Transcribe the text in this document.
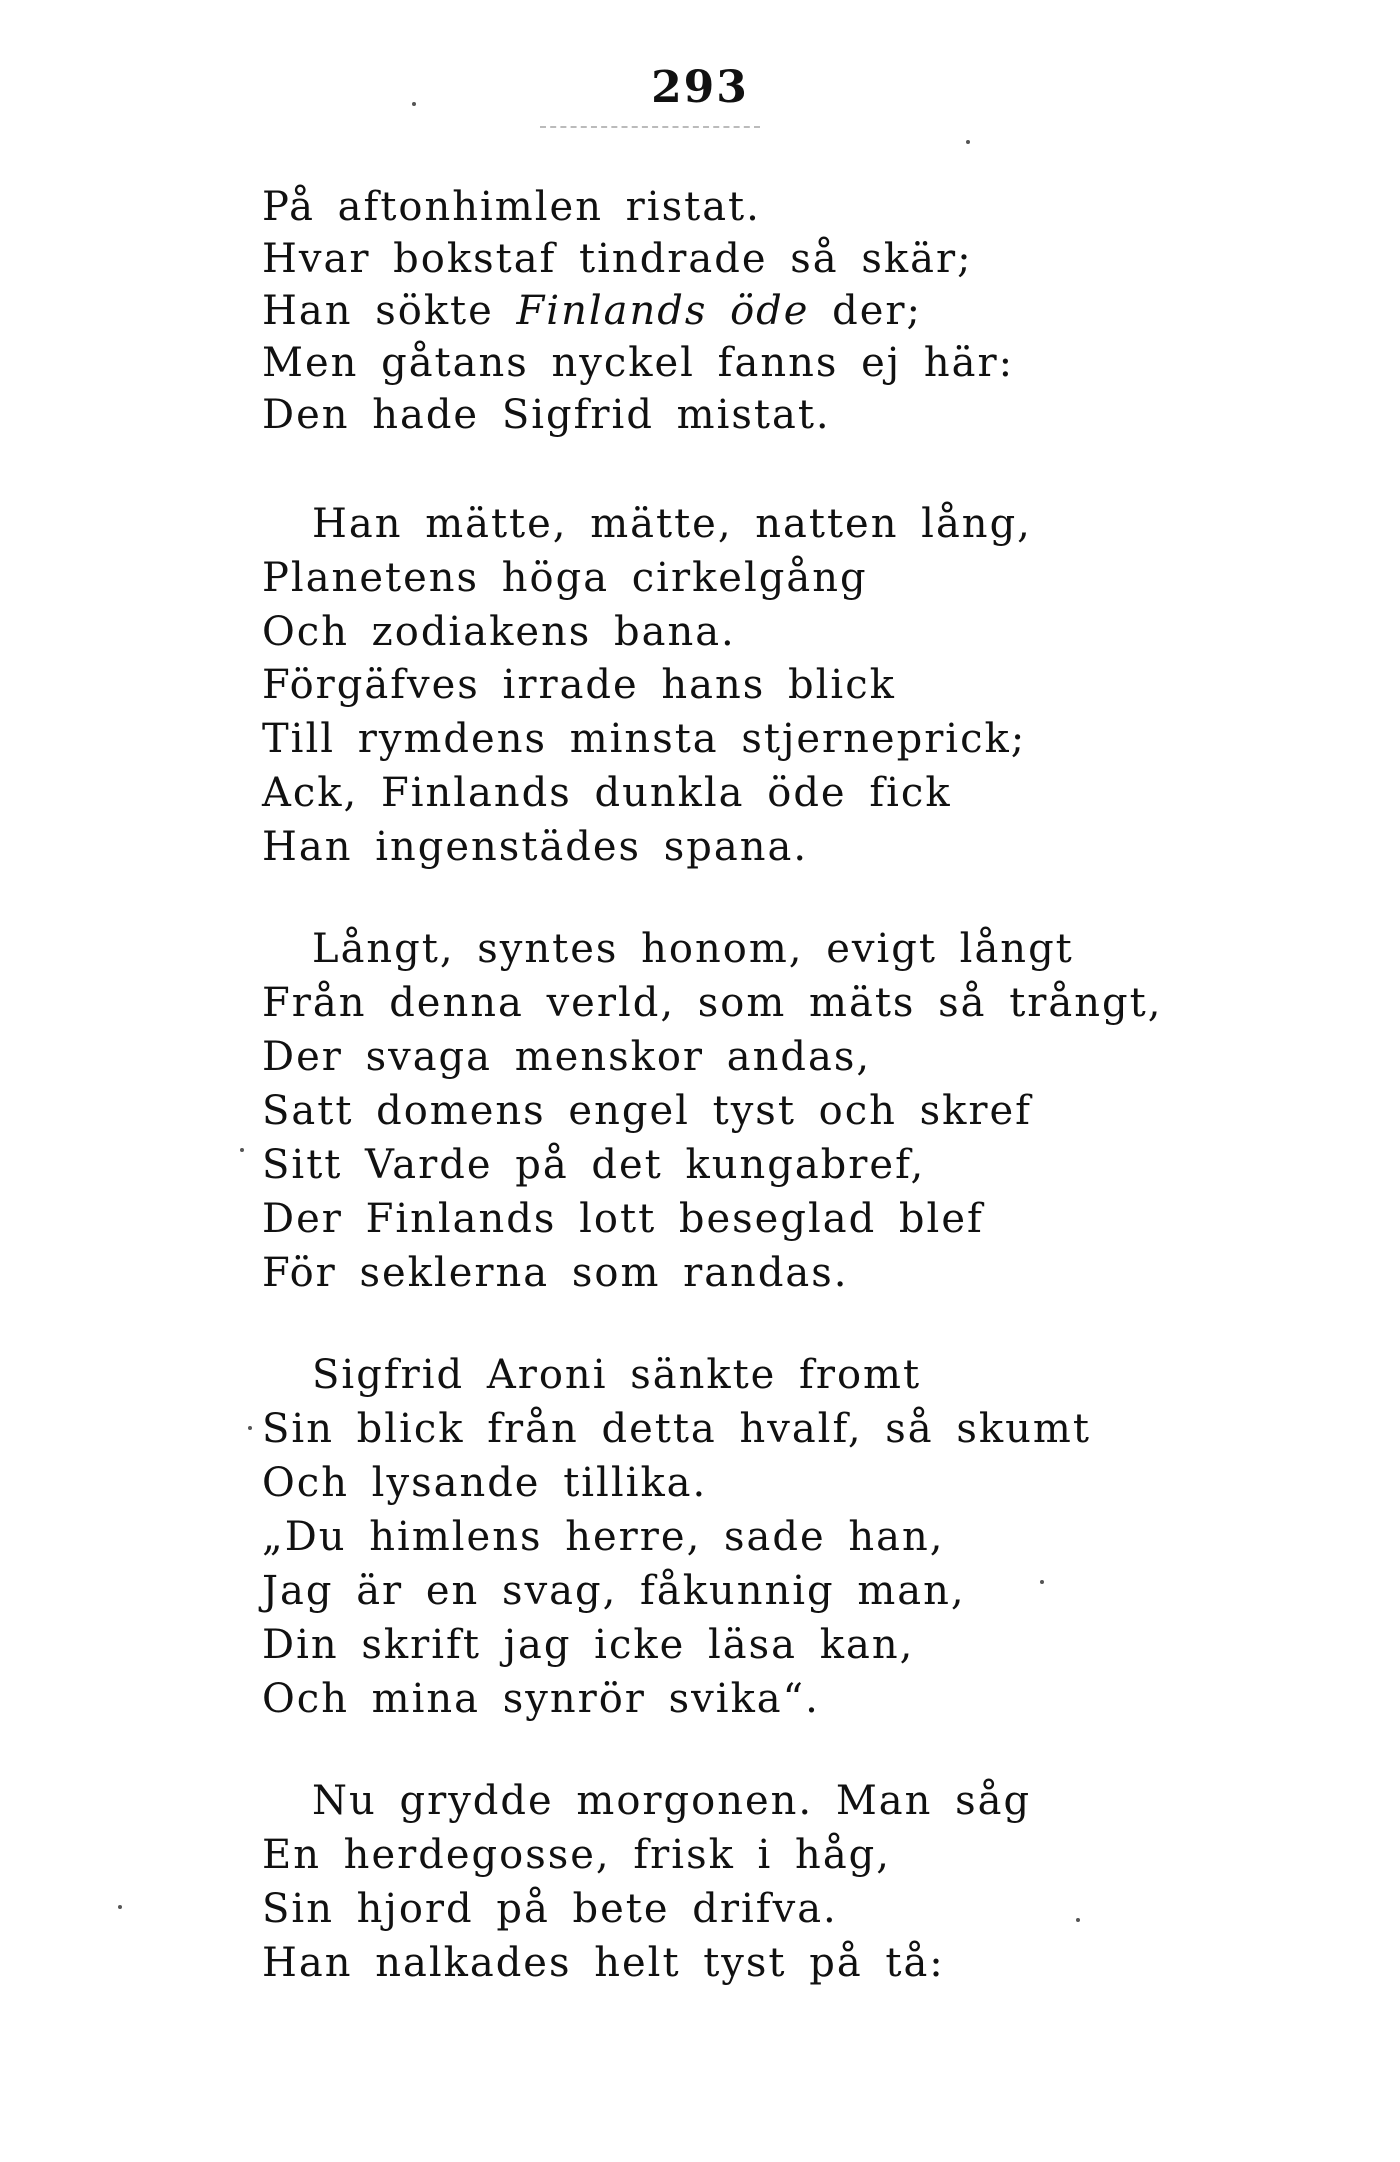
293
På aftonhimlen ristat.
Hvar bokstaf tindrade så skär;
Han sökte Finlands öde der;
Men gåtans nyckel fanns ej här:
Den hade Sigfrid mistat.
Han mätte, mätte, natten lång,
Planetens höga cirkelgång
Och zodiakens bana.
Förgäfves irrade hans blick
Till rymdens minsta stjerneprick;
Ack, Finlands dunkla öde fick
Han ingenstädes spana.
Långt, syntes honom, evigt långt
Från denna verld, som mäts så trångt,
Der svaga menskor andas,
Satt domens engel tyst och skref
Sitt Varde på det kungabref,
Der Finlands lott beseglad blef
För seklerna som randas.
Sigfrid Aroni sänkte fromt
Sin blick från detta hvalf, så skumt
Och lysande tillika.
„Du himlens herre, sade han,
Jag är en svag, fåkunnig man,
Din skrift jag icke läsa kan,
Och mina synrör svika“.
Nu grydde morgonen. Man såg
En herdegosse, frisk i håg,
Sin hjord på bete drifva.
Han nalkades helt tyst på tå:
